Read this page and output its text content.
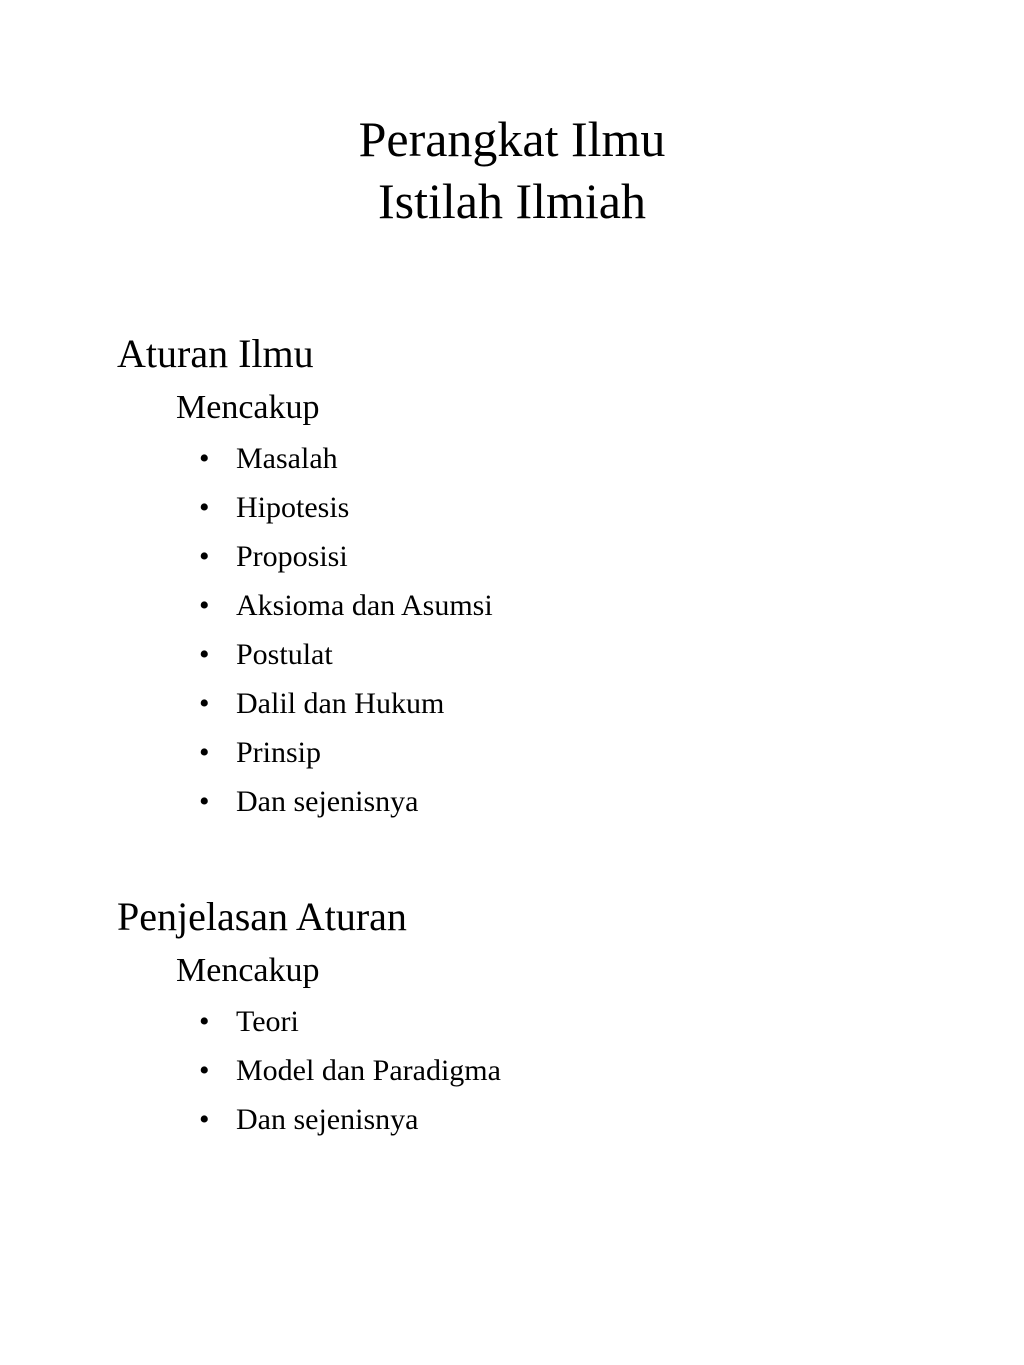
Perangkat Ilmu
Istilah Ilmiah
Aturan Ilmu
Mencakup
• Masalah
• Hipotesis
• Proposisi
• Aksioma dan Asumsi
• Postulat
• Dalil dan Hukum
• Prinsip
• Dan sejenisnya
Penjelasan Aturan
Mencakup
• Teori
• Model dan Paradigma
• Dan sejenisnya
